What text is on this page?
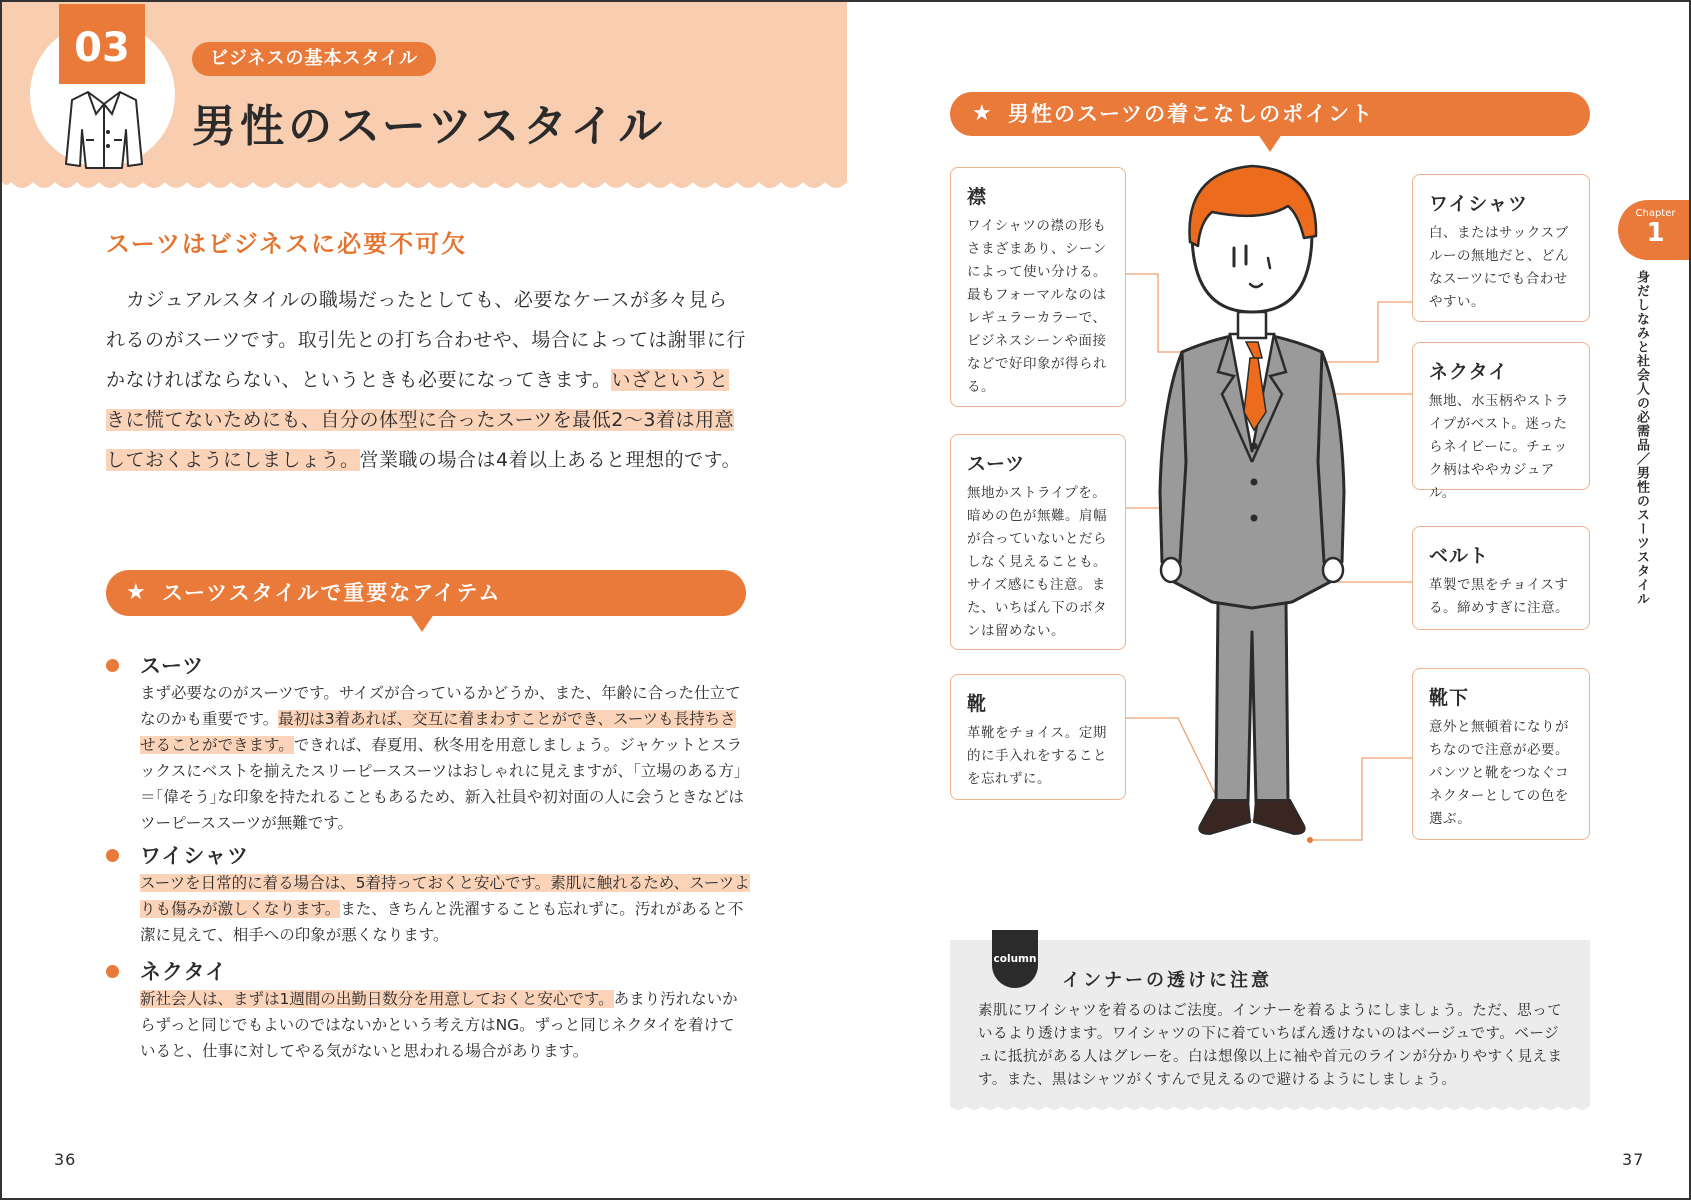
03	ビジネスの基本スタイル
男性のスーツスタイル
スーツはビジネスに必要不可欠
カジュアルスタイルの職場だったとしても、必要なケースが多々見られるのがスーツです。取引先との打ち合わせや、場合によっては謝罪に行かなければならない、というときも必要になってきます。いざというときに慌てないためにも、自分の体型に合ったスーツを最低2～3着は用意しておくようにしましょう。営業職の場合は4着以上あると理想的です。
★ スーツスタイルで重要なアイテム
スーツ
まず必要なのがスーツです。サイズが合っているかどうか、また、年齢に合った仕立てなのかも重要です。最初は3着あれば、交互に着まわすことができ、スーツも長持ちさせることができます。できれば、春夏用、秋冬用を用意しましょう。ジャケットとスラックスにベストを揃えたスリーピーススーツはおしゃれに見えますが、｢立場のある方｣＝｢偉そう｣な印象を持たれることもあるため、新入社員や初対面の人に会うときなどはツーピーススーツが無難です。
ワイシャツ
スーツを日常的に着る場合は、5着持っておくと安心です。素肌に触れるため、スーツよりも傷みが激しくなります。また、きちんと洗濯することも忘れずに。汚れがあると不潔に見えて、相手への印象が悪くなります。
ネクタイ
新社会人は、まずは1週間の出勤日数分を用意しておくと安心です。あまり汚れないからずっと同じでもよいのではないかという考え方はNG。ずっと同じネクタイを着けていると、仕事に対してやる気がないと思われる場合があります。
36
★ 男性のスーツの着こなしのポイント
襟
ワイシャツの襟の形もさまざまあり、シーンによって使い分ける。最もフォーマルなのはレギュラーカラーで、ビジネスシーンや面接などで好印象が得られる。
スーツ
無地かストライプを。暗めの色が無難。肩幅が合っていないとだらしなく見えることも。サイズ感にも注意。また、いちばん下のボタンは留めない。
靴
革靴をチョイス。定期的に手入れをすることを忘れずに。
ワイシャツ
白、またはサックスブルーの無地だと、どんなスーツにでも合わせやすい。
ネクタイ
無地、水玉柄やストライプがベスト。迷ったらネイビーに。チェック柄はややカジュアル。
ベルト
革製で黒をチョイスする。締めすぎに注意。
靴下
意外と無頓着になりがちなので注意が必要。パンツと靴をつなぐコネクターとしての色を選ぶ。
Chapter
1
身だしなみと社会人の必需品／男性のスーツスタイル
column
インナーの透けに注意
素肌にワイシャツを着るのはご法度。インナーを着るようにしましょう。ただ、思っているより透けます。ワイシャツの下に着ていちばん透けないのはベージュです。ベージュに抵抗がある人はグレーを。白は想像以上に袖や首元のラインが分かりやすく見えます。また、黒はシャツがくすんで見えるので避けるようにしましょう。
37
